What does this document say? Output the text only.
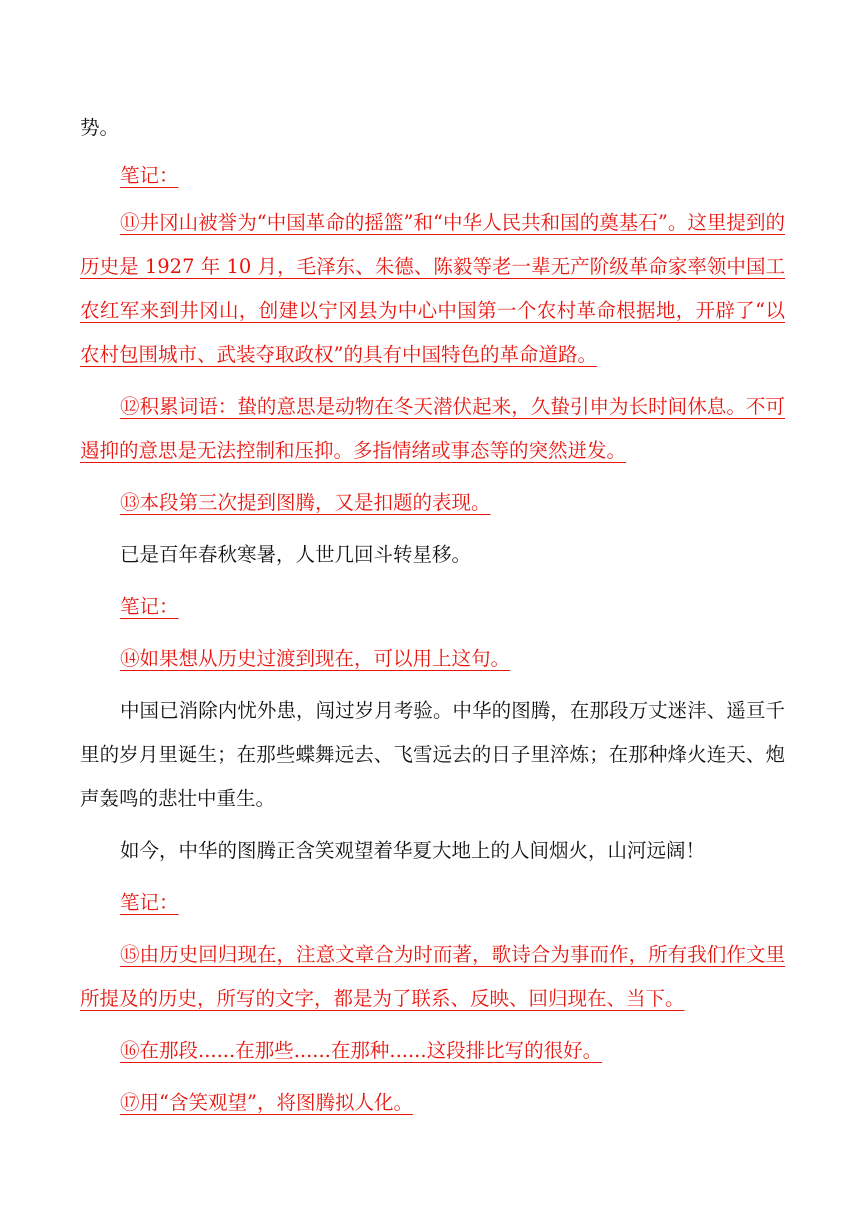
势。

笔记：

⑪井冈山被誉为“中国革命的摇篮”和“中华人民共和国的奠基石”。这里提到的历史是 1927 年 10 月，毛泽东、朱德、陈毅等老一辈无产阶级革命家率领中国工农红军来到井冈山，创建以宁冈县为中心中国第一个农村革命根据地，开辟了“以农村包围城市、武装夺取政权”的具有中国特色的革命道路。

⑫积累词语：蛰的意思是动物在冬天潜伏起来，久蛰引申为长时间休息。不可遏抑的意思是无法控制和压抑。多指情绪或事态等的突然迸发。

⑬本段第三次提到图腾，又是扣题的表现。

已是百年春秋寒暑，人世几回斗转星移。

笔记：

⑭如果想从历史过渡到现在，可以用上这句。

中国已消除内忧外患，闯过岁月考验。中华的图腾，在那段万丈迷沣、遥亘千里的岁月里诞生；在那些蝶舞远去、飞雪远去的日子里淬炼；在那种烽火连天、炮声轰鸣的悲壮中重生。

如今，中华的图腾正含笑观望着华夏大地上的人间烟火，山河远阔！

笔记：

⑮由历史回归现在，注意文章合为时而著，歌诗合为事而作，所有我们作文里所提及的历史，所写的文字，都是为了联系、反映、回归现在、当下。

⑯在那段......在那些......在那种......这段排比写的很好。

⑰用“含笑观望”，将图腾拟人化。
